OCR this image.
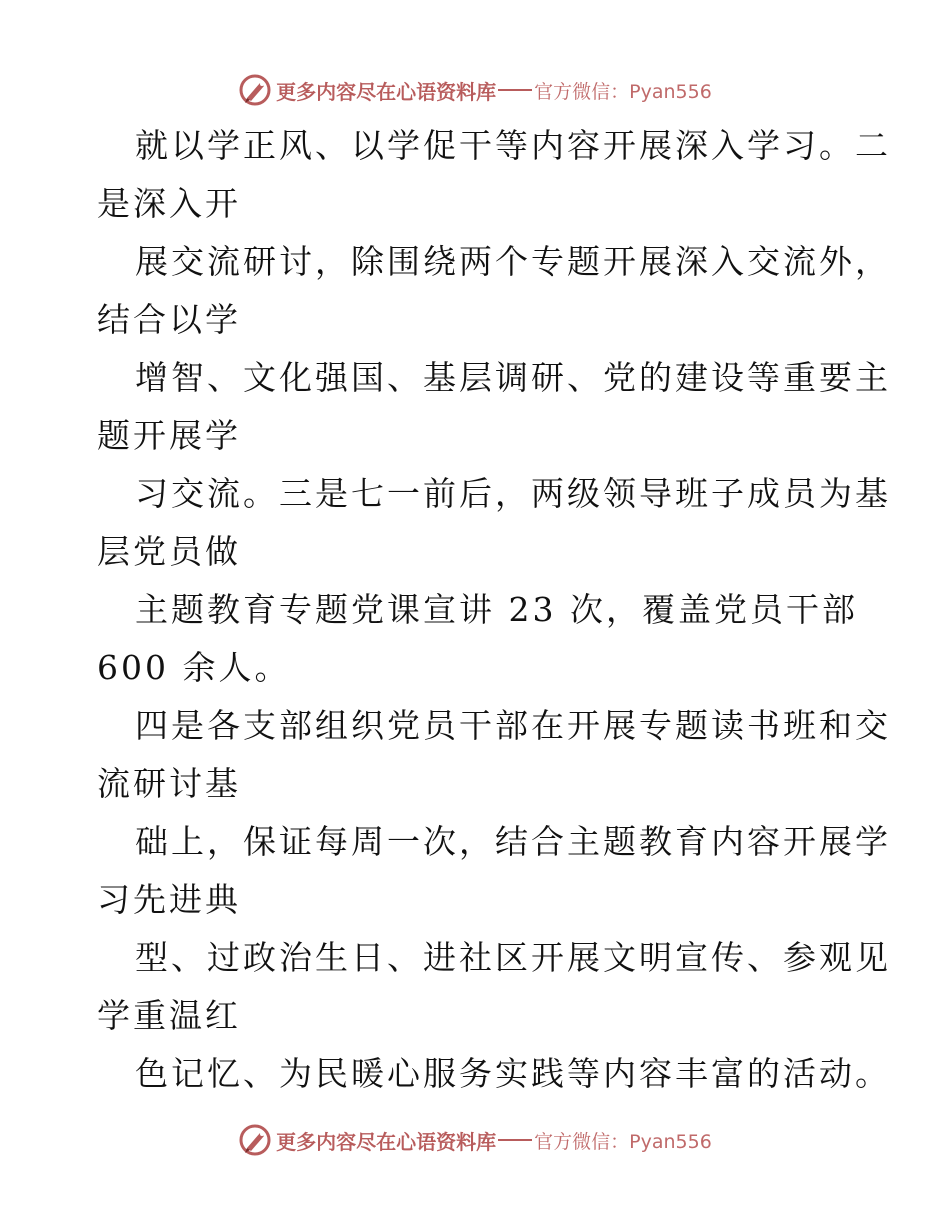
更多内容尽在心语资料库 官方微信：Pyan556
就以学正风、以学促干等内容开展深入学习。二
是深入开
展交流研讨，除围绕两个专题开展深入交流外，
结合以学
增智、文化强国、基层调研、党的建设等重要主
题开展学
习交流。三是七一前后，两级领导班子成员为基
层党员做
主题教育专题党课宣讲 23 次，覆盖党员干部
600 余人。
四是各支部组织党员干部在开展专题读书班和交
流研讨基
础上，保证每周一次，结合主题教育内容开展学
习先进典
型、过政治生日、进社区开展文明宣传、参观见
学重温红
色记忆、为民暖心服务实践等内容丰富的活动。
更多内容尽在心语资料库 官方微信：Pyan556
